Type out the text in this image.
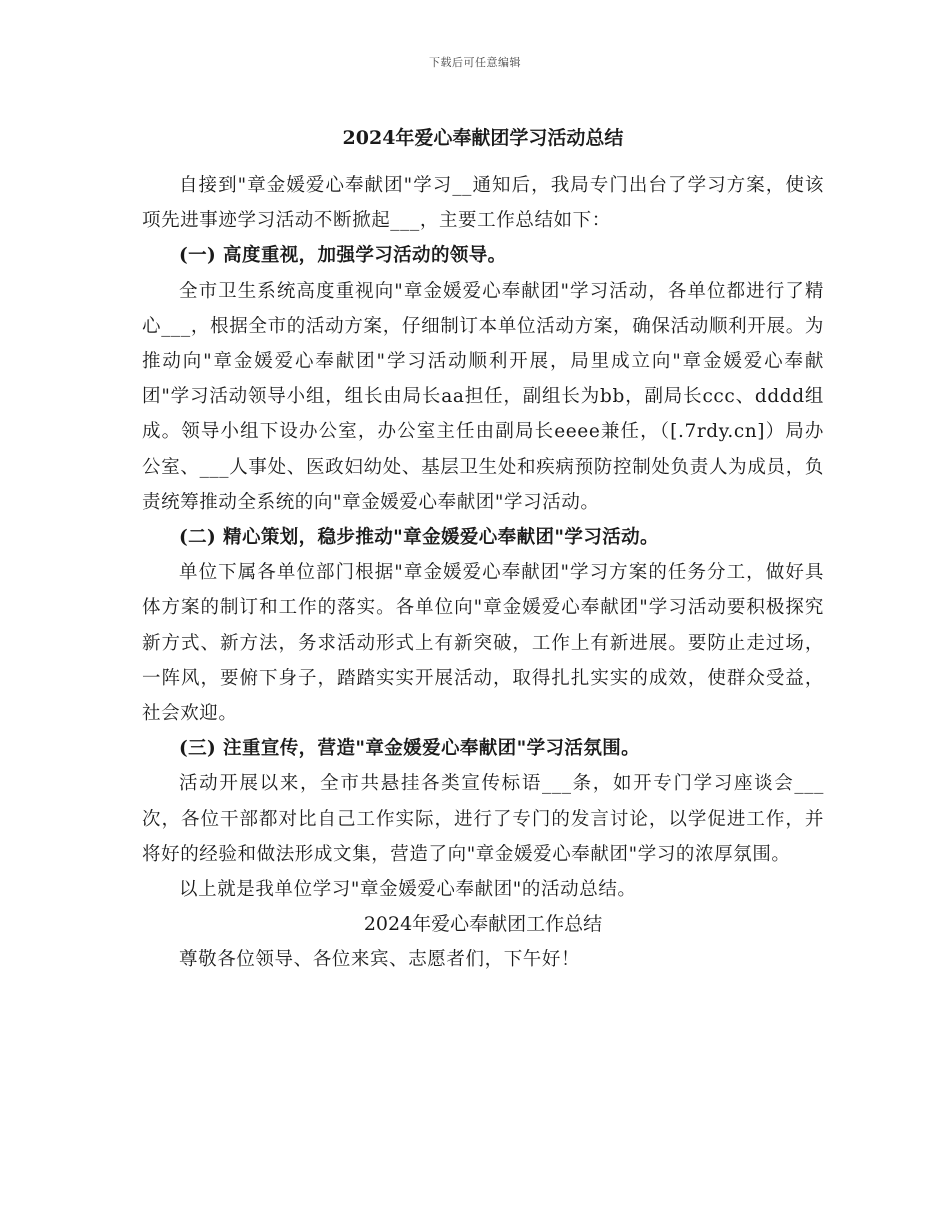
下载后可任意编辑
2024年爱心奉献团学习活动总结

自接到"章金媛爱心奉献团"学习__通知后，我局专门出台了学习方案，使该项先进事迹学习活动不断掀起___，主要工作总结如下：

(一) 高度重视，加强学习活动的领导。

全市卫生系统高度重视向"章金媛爱心奉献团"学习活动，各单位都进行了精心___，根据全市的活动方案，仔细制订本单位活动方案，确保活动顺利开展。为推动向"章金媛爱心奉献团"学习活动顺利开展，局里成立向"章金媛爱心奉献团"学习活动领导小组，组长由局长aa担任，副组长为bb，副局长ccc、dddd组成。领导小组下设办公室，办公室主任由副局长eeee兼任，（[.7rdy.cn]）局办公室、___人事处、医政妇幼处、基层卫生处和疾病预防控制处负责人为成员，负责统筹推动全系统的向"章金媛爱心奉献团"学习活动。

(二) 精心策划，稳步推动"章金媛爱心奉献团"学习活动。

单位下属各单位部门根据"章金媛爱心奉献团"学习方案的任务分工，做好具体方案的制订和工作的落实。各单位向"章金媛爱心奉献团"学习活动要积极探究新方式、新方法，务求活动形式上有新突破，工作上有新进展。要防止走过场，一阵风，要俯下身子，踏踏实实开展活动，取得扎扎实实的成效，使群众受益，社会欢迎。

(三) 注重宣传，营造"章金媛爱心奉献团"学习活氛围。

活动开展以来，全市共悬挂各类宣传标语___条，如开专门学习座谈会___次，各位干部都对比自己工作实际，进行了专门的发言讨论，以学促进工作，并将好的经验和做法形成文集，营造了向"章金媛爱心奉献团"学习的浓厚氛围。

以上就是我单位学习"章金媛爱心奉献团"的活动总结。

2024年爱心奉献团工作总结

尊敬各位领导、各位来宾、志愿者们，下午好！
